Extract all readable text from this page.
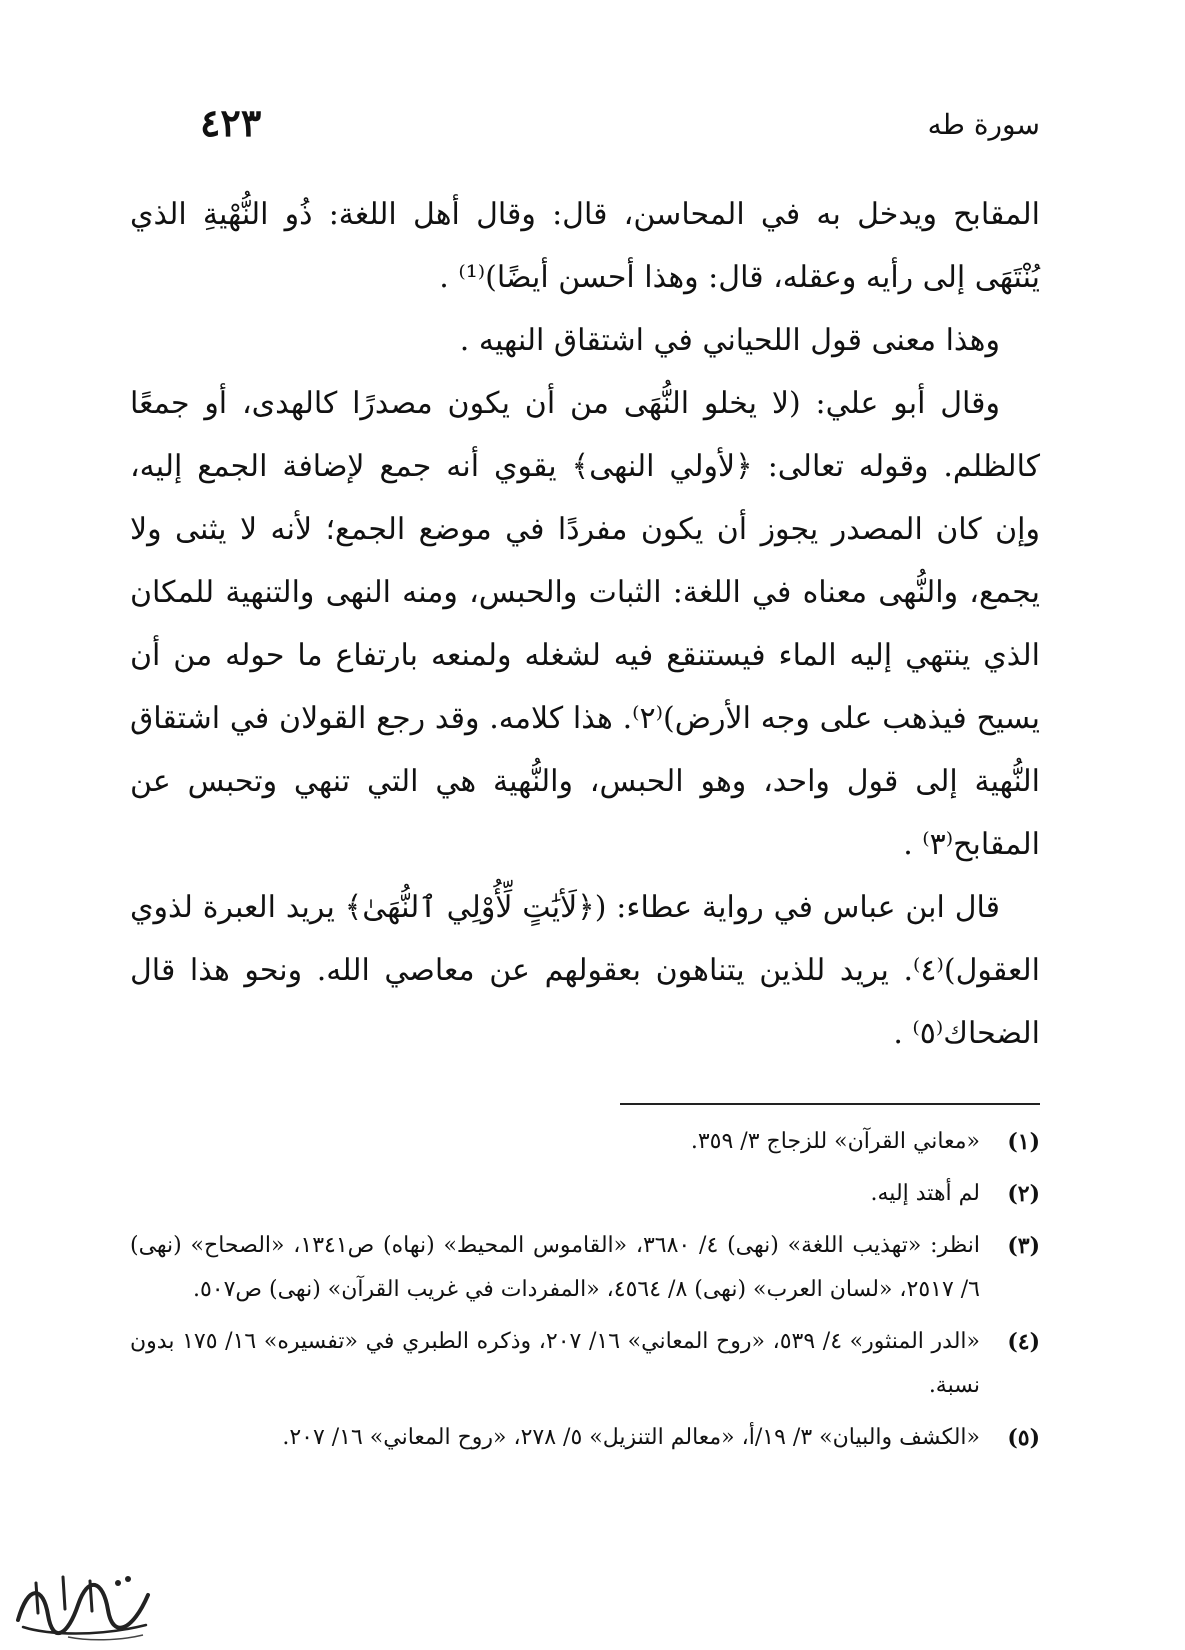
سورة طه
٤٢٣

المقابح ويدخل به في المحاسن، قال: وقال أهل اللغة: ذُو النُّهْيةِ الذي يُنْتَهَى إلى رأيه وعقله، قال: وهذا أحسن أيضًا)⁽¹⁾ .

وهذا معنى قول اللحياني في اشتقاق النهيه .

وقال أبو علي: (لا يخلو النُّهَى من أن يكون مصدرًا كالهدى، أو جمعًا كالظلم. وقوله تعالى: ﴿لأولي النهى﴾ يقوي أنه جمع لإضافة الجمع إليه، وإن كان المصدر يجوز أن يكون مفردًا في موضع الجمع؛ لأنه لا يثنى ولا يجمع، والنُّهى معناه في اللغة: الثبات والحبس، ومنه النهى والتنهية للمكان الذي ينتهي إليه الماء فيستنقع فيه لشغله ولمنعه بارتفاع ما حوله من أن يسيح فيذهب على وجه الأرض)⁽٢⁾. هذا كلامه. وقد رجع القولان في اشتقاق النُّهية إلى قول واحد، وهو الحبس، والنُّهية هي التي تنهي وتحبس عن المقابح⁽٣⁾ .

قال ابن عباس في رواية عطاء: (﴿لَأيَٰتٍ لِّأُوْلِي ٱلنُّهَىٰ﴾ يريد العبرة لذوي العقول)⁽٤⁾. يريد للذين يتناهون بعقولهم عن معاصي الله. ونحو هذا قال الضحاك⁽٥⁾ .

(١)
«معاني القرآن» للزجاج ٣/ ٣٥٩.
(٢)
لم أهتد إليه.
(٣)
انظر: «تهذيب اللغة» (نهى) ٤/ ٣٦٨٠، «القاموس المحيط» (نهاه) ص١٣٤١، «الصحاح» (نهى) ٦/ ٢٥١٧، «لسان العرب» (نهى) ٨/ ٤٥٦٤، «المفردات في غريب القرآن» (نهى) ص٥٠٧.
(٤)
«الدر المنثور» ٤/ ٥٣٩، «روح المعاني» ١٦/ ٢٠٧، وذكره الطبري في «تفسيره» ١٦/ ١٧٥ بدون نسبة.
(٥)
«الكشف والبيان» ٣/ ١٩/أ، «معالم التنزيل» ٥/ ٢٧٨، «روح المعاني» ١٦/ ٢٠٧.
